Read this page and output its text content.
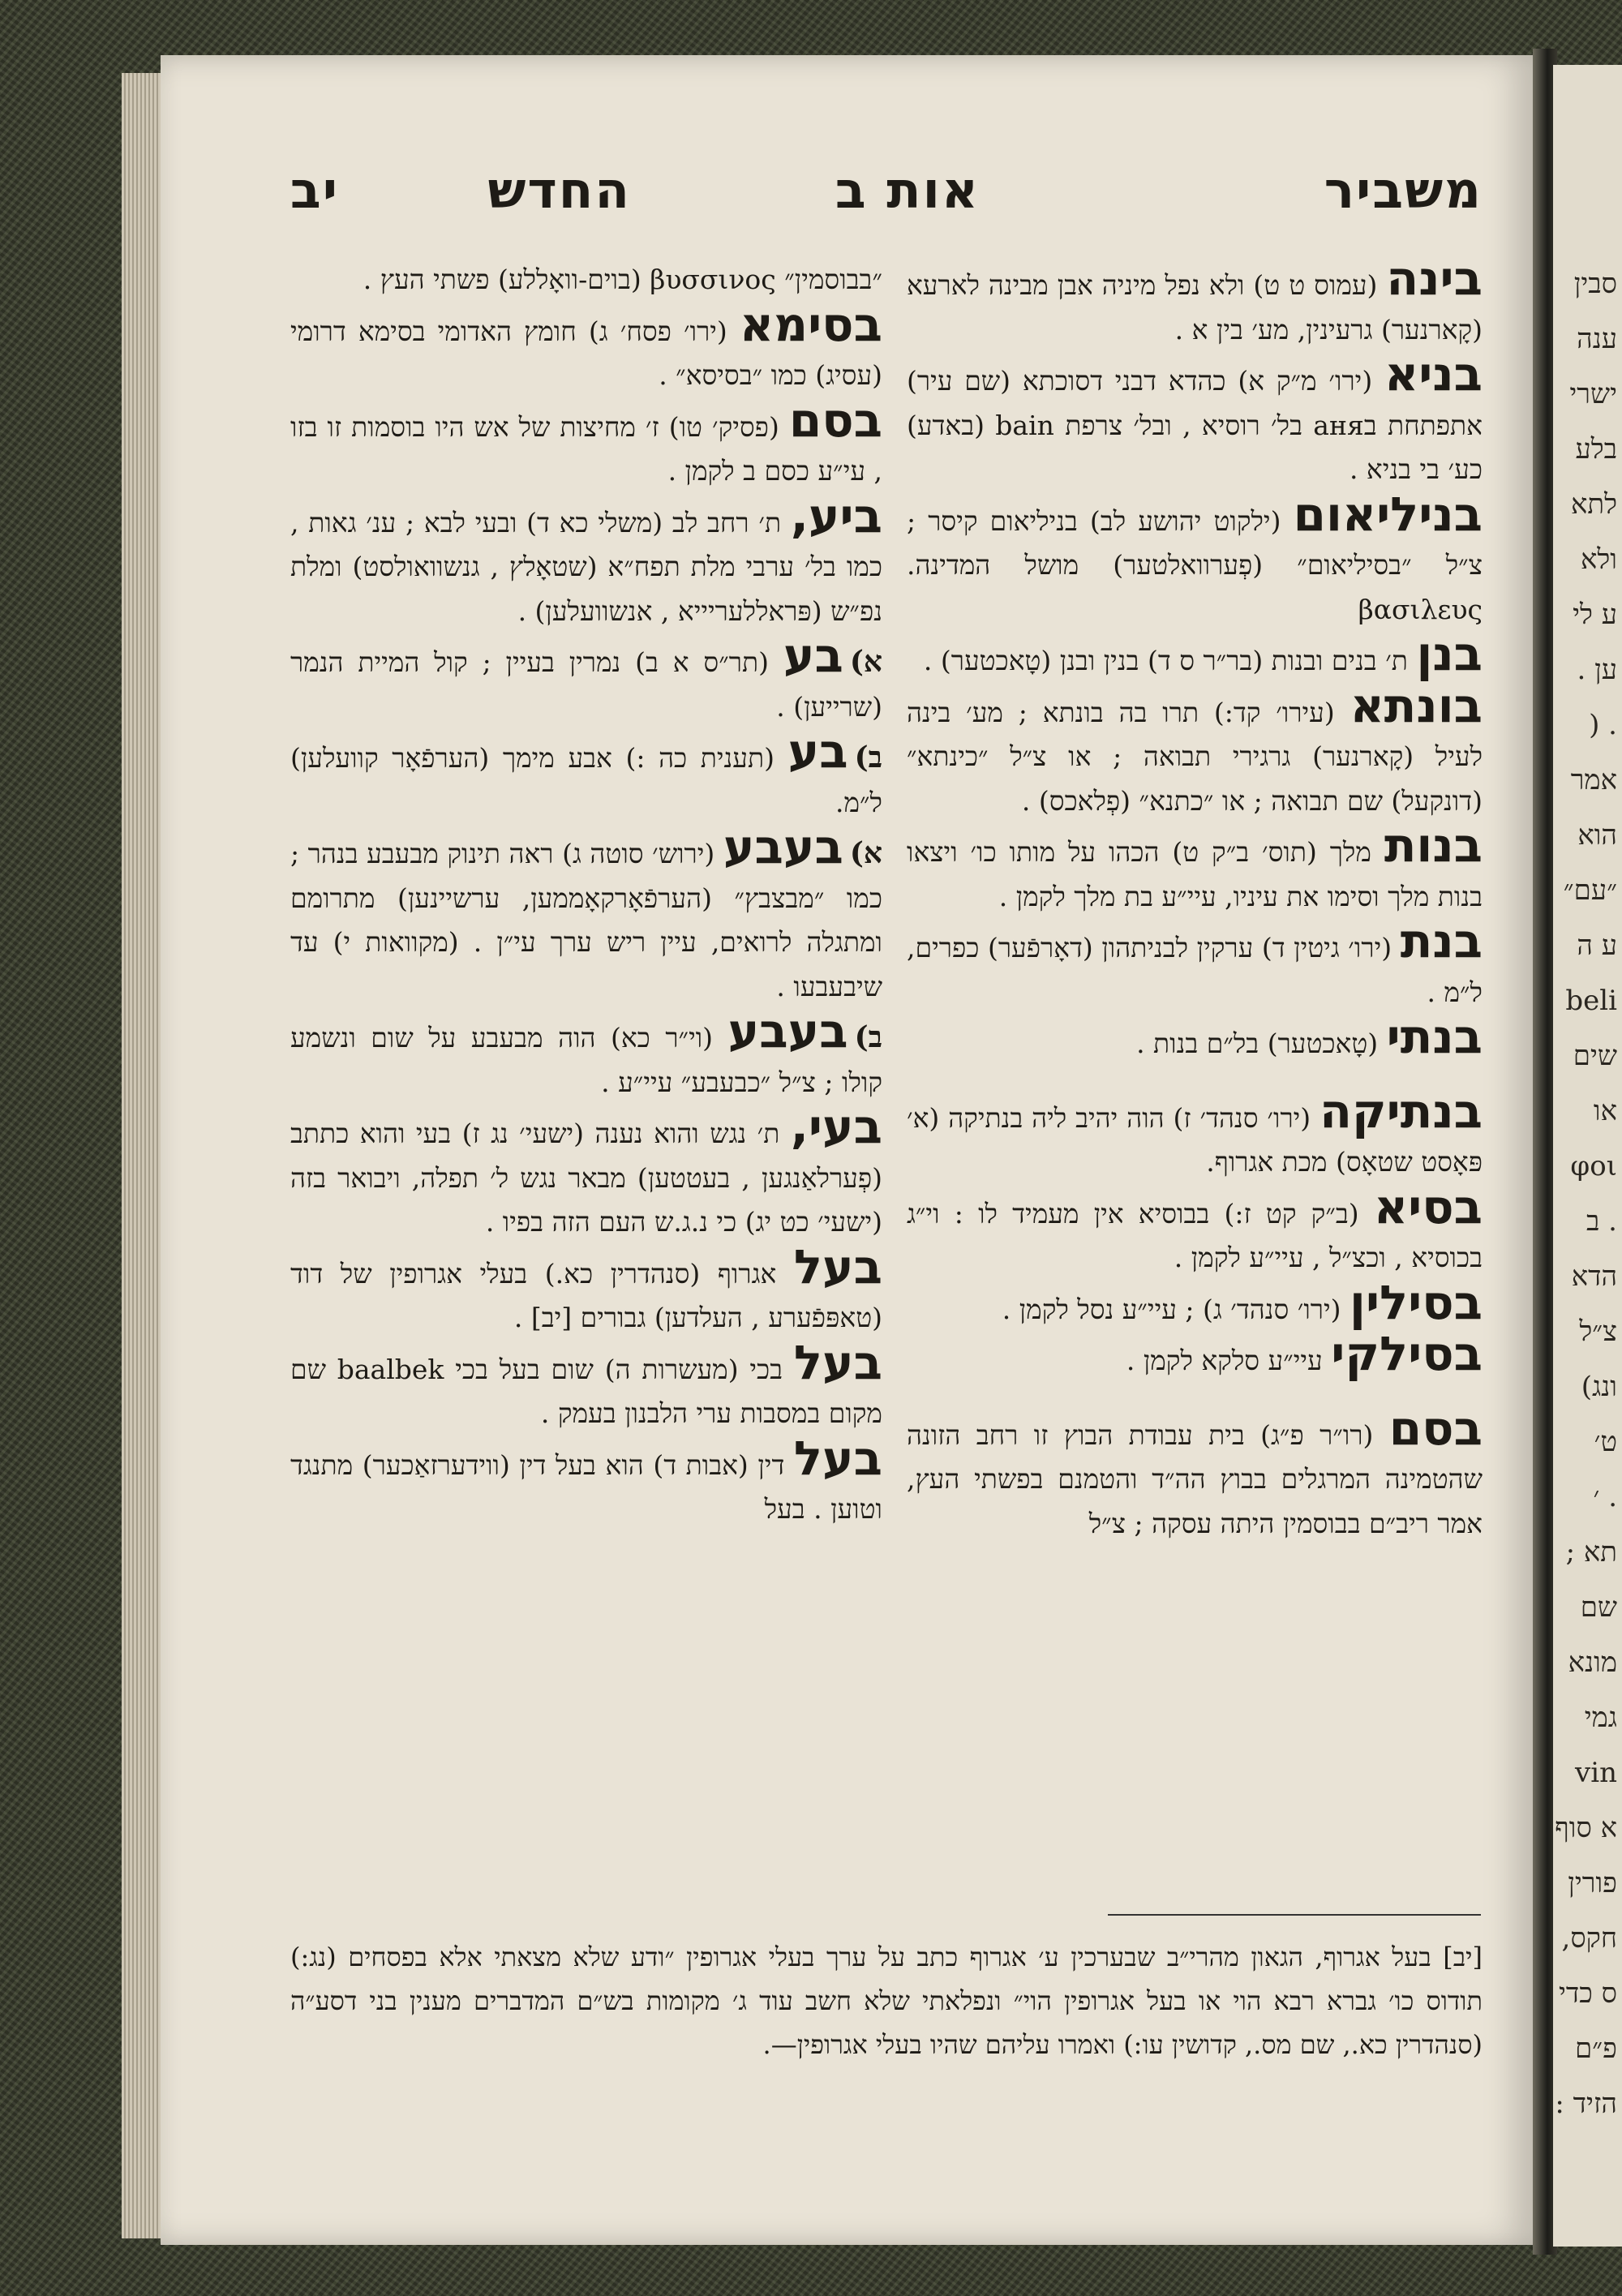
משביר
אות ב
החדש
יב

בינה (עמוס ט ט) ולא נפל מיניה אבן מבינה לארעא (קָארנער) גרעינין, מע׳ בין א .

בניא (ירו׳ מ״ק א) כהדא דבני דסוכתא (שם עיר) אתפתחת בаня בל׳ רוסיא , ובל׳ צרפת bain (באדע) כע׳ בי בניא .

בניליאום (ילקוט יהושע לב) בניליאום קיסר ; צ״ל ״בסיליאום״ (פְערוואלטער) מושל המדינה. βασιλευς

בנן ת׳ בנים ובנות (בר״ר ס ד) בנין ובנן (טָאכטער) .

בונתא (עירו׳ קד:) תרו בה בונתא ; מע׳ בינה לעיל (קָארנער) גרגירי תבואה ; או צ״ל ״כינתא״ (דונקעל) שם תבואה ; או ״כתנא״ (פְלאכס) .

בנות מלך (תוס׳ ב״ק ט) הכהו על מותו כו׳ ויצאו בנות מלך וסימו את עיניו, עיי״ע בת מלך לקמן .

בנת (ירו׳ גיטין ד) ערקין לבניתהון (דאָרפֿער) כפרים, ל״מ .

בנתי (טָאכטער) בל״ם בנות .

בנתיקה (ירו׳ סנהד׳ ז) הוה יהיב ליה בנתיקה (א׳ פּאָסט שטאָס) מכת אגרוף.

בסיא (ב״ק קט ז:) בבוסיא אין מעמיד לו : וי״ג בכוסיא , וכצ״ל , עיי״ע לקמן .

בסילין (ירו׳ סנהד׳ ג) ; עיי״ע נסל לקמן .

בסילקי עיי״ע סלקא לקמן .

בסם (רו״ר פ״ג) בית עבודת הבוץ זו רחב הזונה שהטמינה המרגלים בבוץ הה״ד והטמנם בפשתי העץ, אמר ריב״ם בבוסמין היתה עסקה ; צ״ל

״בבוסמין״ βυσσινος (בוים-וואָללע) פשתי העץ .

בסימא (ירו׳ פסח׳ ג) חומץ האדומי בסימא דרומי (עסיג) כמו ״בסיסא״ .

בסם (פסיק׳ טו) ז׳ מחיצות של אש היו בוסמות זו בזו , עי״ע כסם ב לקמן .

ביע, ת׳ רחב לב (משלי כא ד) ובעי לבא ; ענ׳ גאות , כמו בל׳ ערבי מלת תפח״א (שטאָלץ , גנשוואולסט) ומלת נפ״ש (פּראללעריייא , אנשוועלען) .

א)בע (תר״ס א ב) נמרין בעיין ; קול המיית הנמר (שרייען) .

ב)בע (תענית כה :) אבע מימך (הערפֿאָר קוועלען) ל״מ.

א)בעבע (ירוש׳ סוטה ג) ראה תינוק מבעבע בנהר ; כמו ״מבצבץ״ (הערפֿאָרקאָממען, ערשיינען) מתרומם ומתגלה לרואים, עיין ריש ערך עי״ן . (מקוואות י) עד שיבעבעו .

ב)בעבע (וי״ר כא) הוה מבעבע על שום ונשמע קולו ; צ״ל ״כבעבע״ עיי״ע .

בעי, ת׳ נגש והוא נענה (ישעי׳ נג ז) בעי והוא כתתב (פְערלאַנגען , בעטטען) מבאר נגש ל׳ תפלה, ויבואר בזה (ישעי׳ כט יג) כי נ.ג.ש העם הזה בפיו .

בעל אגרוף (סנהדרין כא.) בעלי אגרופין של דוד (טאפּפֿערע , העלדען) גבורים [יב] .

בעל בכי (מעשרות ה) שום בעל בכי baalbek שם מקום במסבות ערי הלבנון בעמק .

בעל דין (אבות ד) הוא בעל דין (ווידערזאַכער) מתנגד וטוען . בעל

[יב] בעל אגרוף, הגאון מהרי״ב שבערכין ע׳ אגרוף כתב על ערך בעלי אגרופין ״ודע שלא מצאתי אלא בפסחים (נג:) תודוס כו׳ גברא רבא הוי או בעל אגרופין הוי״ ונפלאתי שלא חשב עוד ג׳ מקומות בש״ם המדברים מענין בני דסע״ה (סנהדרין כא., שם מס., קדושין עו:) ואמרו עליהם שהיו בעלי אגרופין—.
סבין
ענה
ישרי
בלע
לתא
ולא
ע לי
ען .
. (
אמר
הוא
״עם״
ע ה
beli
שים
או
φοι
. ב
הדא
צ״ל
ונג)
ט׳
. ׳
תא ;
שם
מונא
גמי
vin
א סוף
פורין
חקס,
ס כדי
פ״ם
הזיד :
